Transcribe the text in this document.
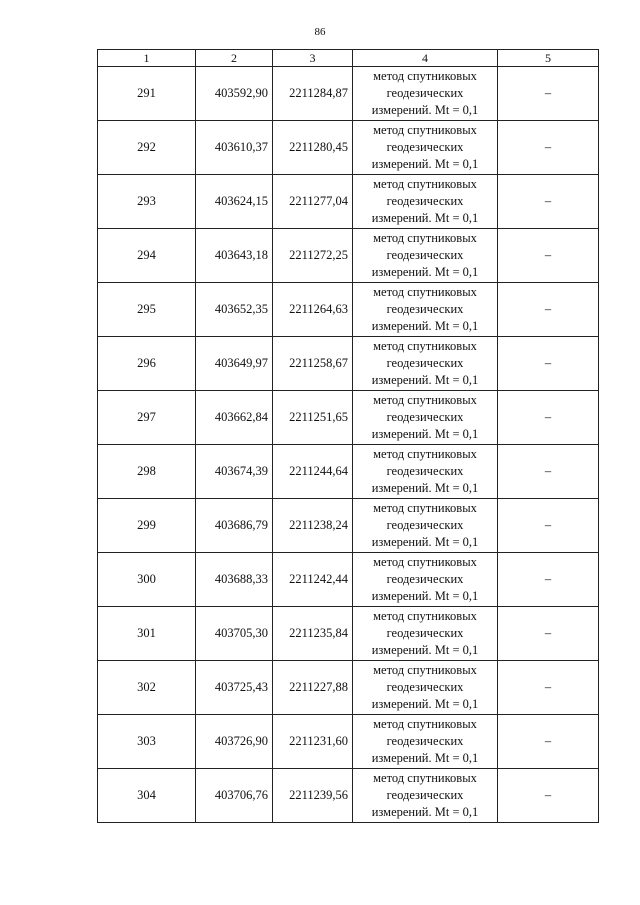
86
1	2	3	4	5
291	403592,90	2211284,87	метод спутниковых
геодезических
измерений. Mt = 0,1	–
292	403610,37	2211280,45	метод спутниковых
геодезических
измерений. Mt = 0,1	–
293	403624,15	2211277,04	метод спутниковых
геодезических
измерений. Mt = 0,1	–
294	403643,18	2211272,25	метод спутниковых
геодезических
измерений. Mt = 0,1	–
295	403652,35	2211264,63	метод спутниковых
геодезических
измерений. Mt = 0,1	–
296	403649,97	2211258,67	метод спутниковых
геодезических
измерений. Mt = 0,1	–
297	403662,84	2211251,65	метод спутниковых
геодезических
измерений. Mt = 0,1	–
298	403674,39	2211244,64	метод спутниковых
геодезических
измерений. Mt = 0,1	–
299	403686,79	2211238,24	метод спутниковых
геодезических
измерений. Mt = 0,1	–
300	403688,33	2211242,44	метод спутниковых
геодезических
измерений. Mt = 0,1	–
301	403705,30	2211235,84	метод спутниковых
геодезических
измерений. Mt = 0,1	–
302	403725,43	2211227,88	метод спутниковых
геодезических
измерений. Mt = 0,1	–
303	403726,90	2211231,60	метод спутниковых
геодезических
измерений. Mt = 0,1	–
304	403706,76	2211239,56	метод спутниковых
геодезических
измерений. Mt = 0,1	–
